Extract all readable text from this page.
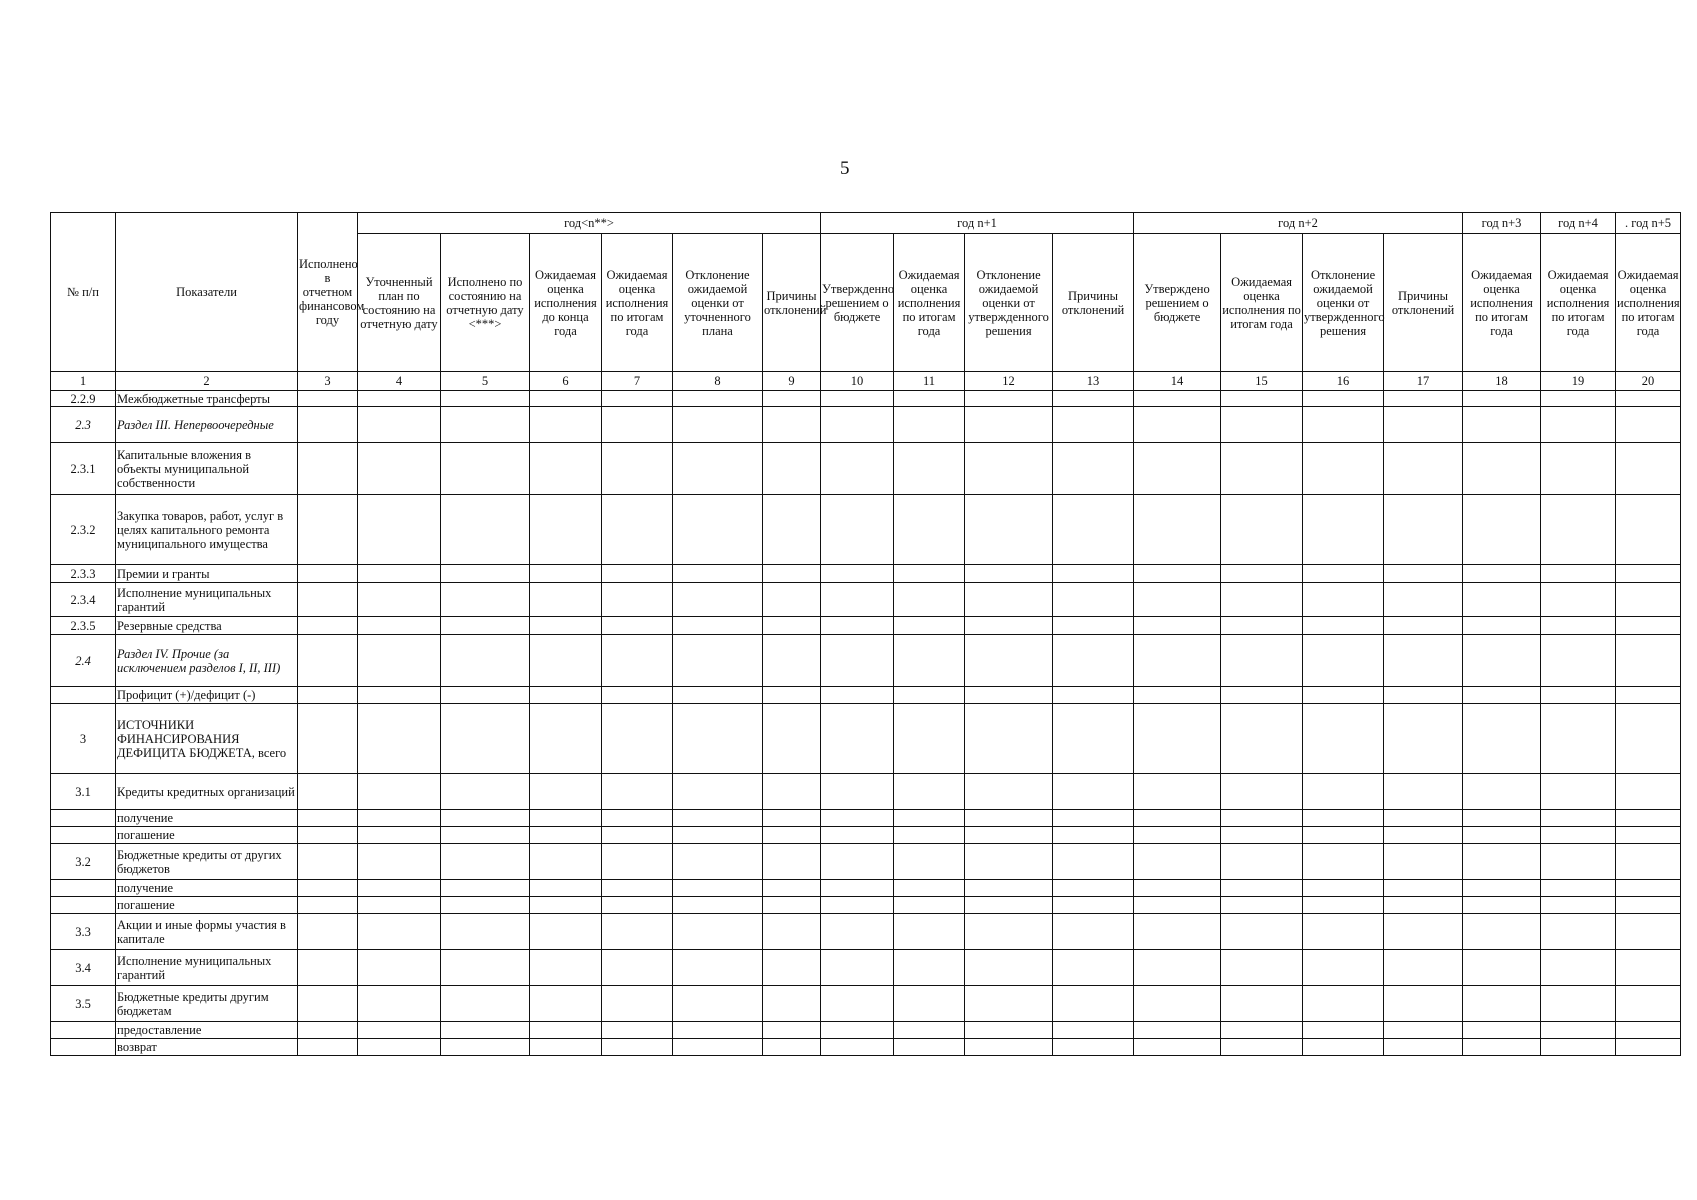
5
№ п/п	Показатели	Исполнено в отчетном финансовом году	год<n**>						год n+1				год n+2				год n+3	год n+4	. год n+5
			Уточненный план по состоянию на отчетную дату	Исполнено по состоянию на отчетную дату <***>	Ожидаемая оценка исполнения до конца года	Ожидаемая оценка исполнения по итогам года	Отклонение ожидаемой оценки от уточненного плана	Причины отклонений	Утвержденно решением о бюджете	Ожидаемая оценка исполнения по итогам года	Отклонение ожидаемой оценки от утвержденного решения	Причины отклонений	Утверждено решением о бюджете	Ожидаемая оценка исполнения по итогам года	Отклонение ожидаемой оценки от утвержденного решения	Причины отклонений	Ожидаемая оценка исполнения по итогам года	Ожидаемая оценка исполнения по итогам года	Ожидаемая оценка исполнения по итогам года
1	2	3	4	5	6	7	8	9	10	11	12	13	14	15	16	17	18	19	20
2.2.9	Межбюджетные трансферты																		
2.3	Раздел III. Непервоочередные																		
2.3.1	Капитальные вложения в объекты муниципальной собственности																		
2.3.2	Закупка товаров, работ, услуг в целях капитального ремонта муниципального имущества																		
2.3.3	Премии и гранты																		
2.3.4	Исполнение муниципальных гарантий																		
2.3.5	Резервные средства																		
2.4	Раздел IV. Прочие (за исключением разделов I, II, III)																		
	Профицит (+)/дефицит (-)																		
3	ИСТОЧНИКИ ФИНАНСИРОВАНИЯ ДЕФИЦИТА БЮДЖЕТА, всего																		
3.1	Кредиты кредитных организаций																		
	получение																		
	погашение																		
3.2	Бюджетные кредиты от других бюджетов																		
	получение																		
	погашение																		
3.3	Акции и иные формы участия в капитале																		
3.4	Исполнение муниципальных гарантий																		
3.5	Бюджетные кредиты другим бюджетам																		
	предоставление																		
	возврат																		
